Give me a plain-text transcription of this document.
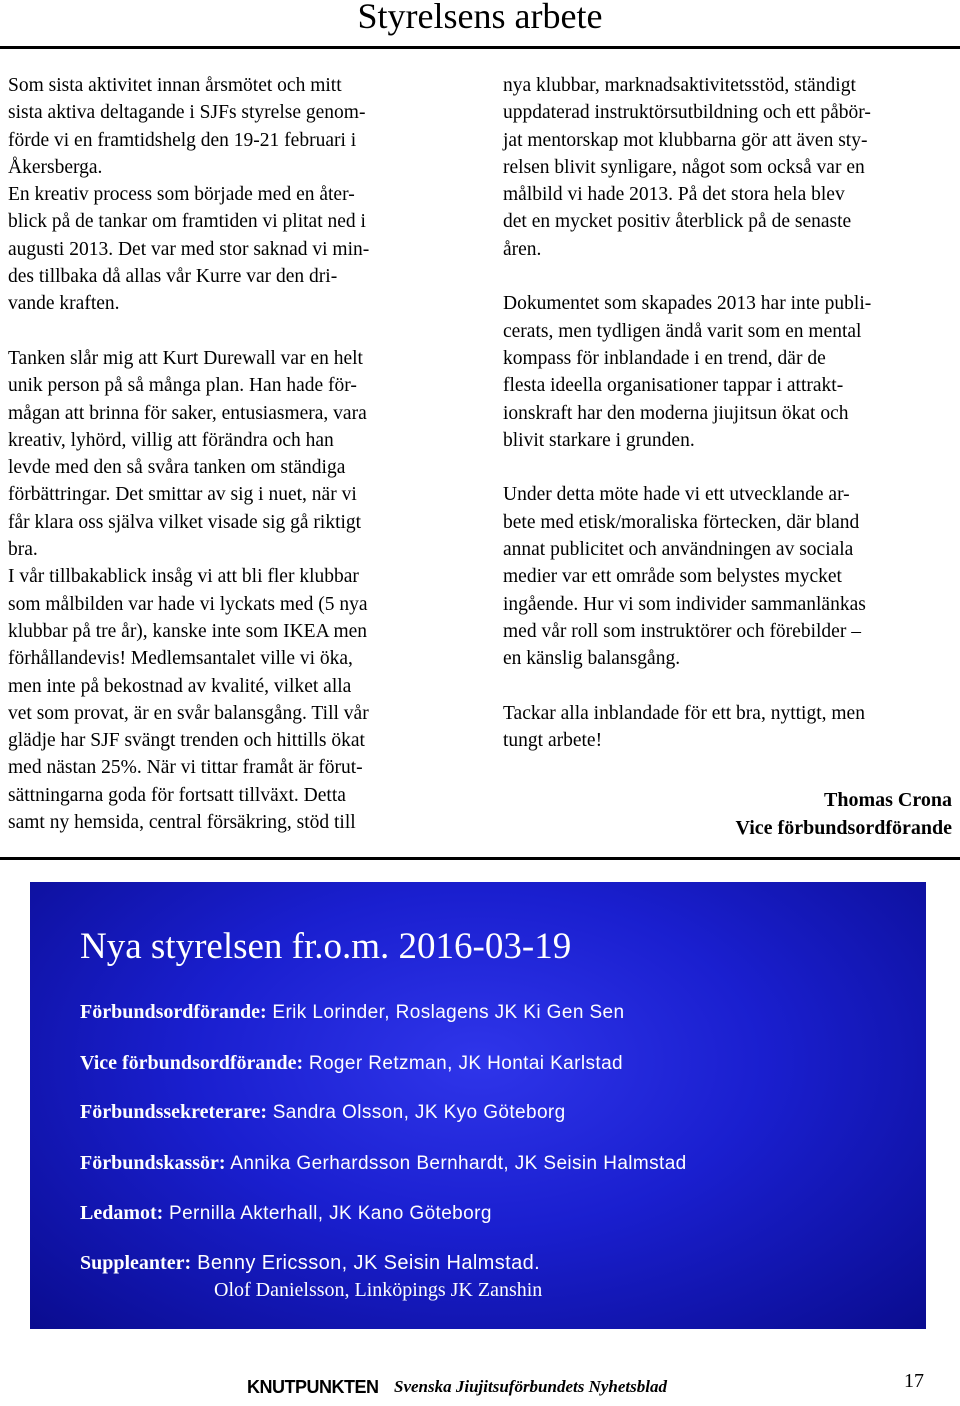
Styrelsens arbete

Som sista aktivitet innan årsmötet och mitt
sista aktiva deltagande i SJFs styrelse genom-
förde vi en framtidshelg den 19-21 februari i
Åkersberga.
En kreativ process som började med en åter-
blick på de tankar om framtiden vi plitat ned i
augusti 2013. Det var med stor saknad vi min-
des tillbaka då allas vår Kurre var den dri-
vande kraften.

Tanken slår mig att Kurt Durewall var en helt
unik person på så många plan. Han hade för-
mågan att brinna för saker, entusiasmera, vara
kreativ, lyhörd, villig att förändra och han
levde med den så svåra tanken om ständiga
förbättringar. Det smittar av sig i nuet, när vi
får klara oss själva vilket visade sig gå riktigt
bra.
I vår tillbakablick insåg vi att bli fler klubbar
som målbilden var hade vi lyckats med (5 nya
klubbar på tre år), kanske inte som IKEA men
förhållandevis! Medlemsantalet ville vi öka,
men inte på bekostnad av kvalité, vilket alla
vet som provat, är en svår balansgång. Till vår
glädje har SJF svängt trenden och hittills ökat
med nästan 25%. När vi tittar framåt är förut-
sättningarna goda för fortsatt tillväxt. Detta
samt ny hemsida, central försäkring, stöd till

nya klubbar, marknadsaktivitetsstöd, ständigt
uppdaterad instruktörsutbildning och ett påbör-
jat mentorskap mot klubbarna gör att även sty-
relsen blivit synligare, något som också var en
målbild vi hade 2013. På det stora hela blev
det en mycket positiv återblick på de senaste
åren.

Dokumentet som skapades 2013 har inte publi-
cerats, men tydligen ändå varit som en mental
kompass för inblandade i en trend, där de
flesta ideella organisationer tappar i attrakt-
ionskraft har den moderna jiujitsun ökat och
blivit starkare i grunden.

Under detta möte hade vi ett utvecklande ar-
bete med etisk/moraliska förtecken, där bland
annat publicitet och användningen av sociala
medier var ett område som belystes mycket
ingående. Hur vi som individer sammanlänkas
med vår roll som instruktörer och förebilder –
en känslig balansgång.

Tackar alla inblandade för ett bra, nyttigt, men
tungt arbete!

Thomas Crona
Vice förbundsordförande
Nya styrelsen fr.o.m. 2016-03-19
Förbundsordförande: Erik Lorinder, Roslagens JK Ki Gen Sen
Vice förbundsordförande: Roger Retzman, JK Hontai Karlstad
Förbundssekreterare: Sandra Olsson, JK Kyo Göteborg
Förbundskassör: Annika Gerhardsson Bernhardt, JK Seisin Halmstad
Ledamot: Pernilla Akterhall, JK Kano Göteborg
Suppleanter: Benny Ericsson, JK Seisin Halmstad.
Olof Danielsson, Linköpings JK Zanshin
KNUTPUNKTEN Svenska Jiujitsuförbundets Nyhetsblad	17
